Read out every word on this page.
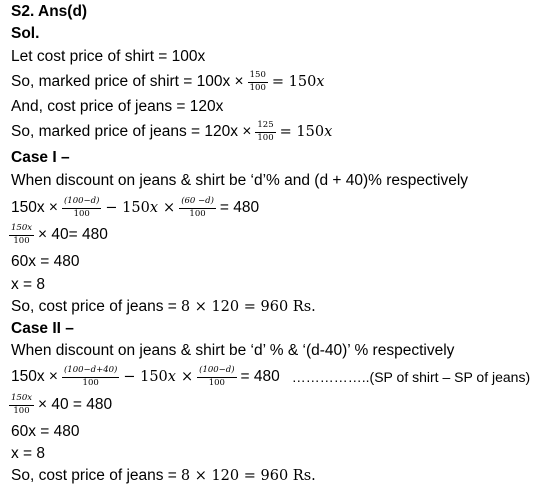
S2. Ans(d)
Sol.
Let cost price of shirt = 100x
So, marked price of shirt = $100x \times \frac{150}{100} = 150$ x
And, cost price of jeans = 120x
So, marked price of jeans = $120x \times \frac{125}{100} = 150$ x
Case I –
When discount on jeans & shirt be ‘d’% and (d + 40)% respectively
$150x \times \frac{(100-d)}{100} - 150$ $x \times \frac{(60 -d)}{100} = 480$
$\frac{150x}{100} \times 40= 480$
60x = 480
x = 8
So, cost price of jeans = 8 × 120 = 960 Rs.
Case II –
When discount on jeans & shirt be ‘d’ % & ‘(d-40)’ % respectively
$150x \times \frac{(100-d+40)}{100} - 150$ $x \times \frac{(100-d)}{100} = 480$ ……………..(SP of shirt – SP of jeans)
$\frac{150x}{100} \times 40 = 480$
60x = 480
x = 8
So, cost price of jeans = 8 × 120 = 960 Rs.
